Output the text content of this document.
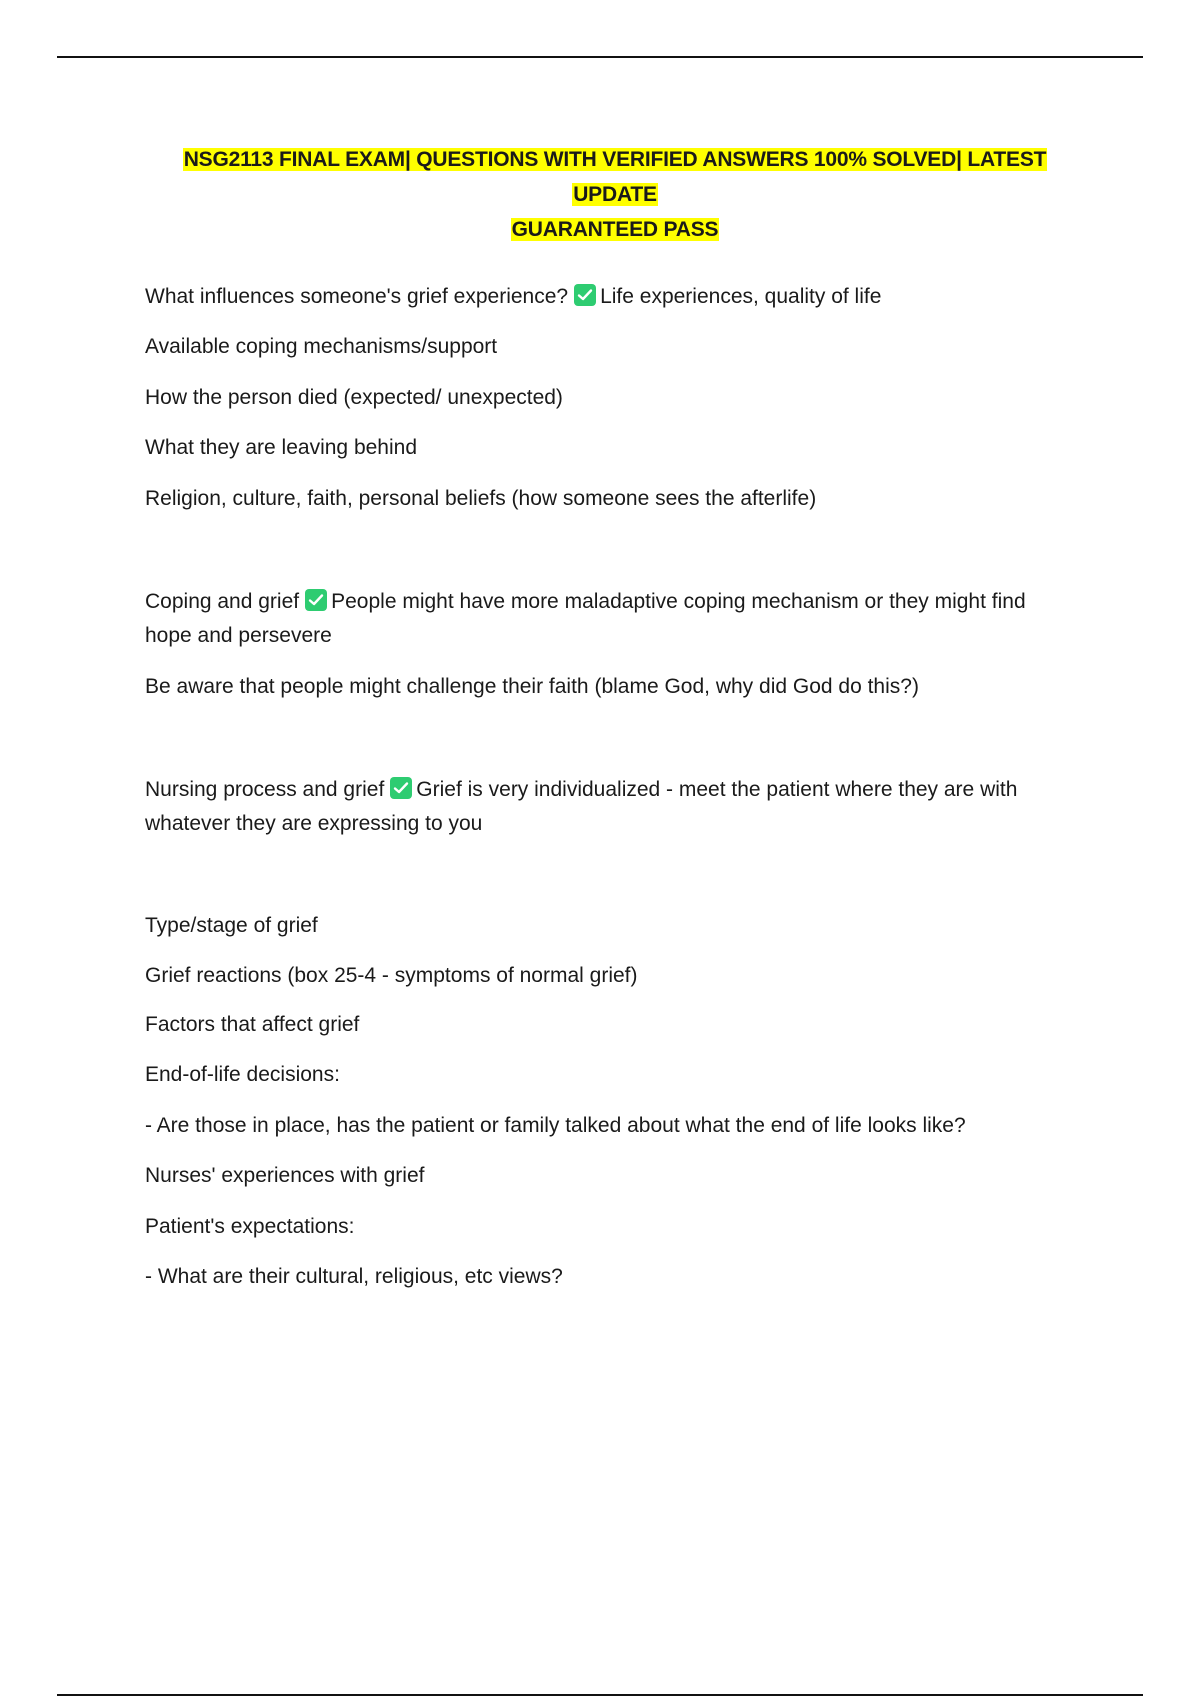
NSG2113 FINAL EXAM| QUESTIONS WITH VERIFIED ANSWERS 100% SOLVED| LATEST UPDATE
GUARANTEED PASS
What influences someone's grief experience? Life experiences, quality of life
Available coping mechanisms/support
How the person died (expected/ unexpected)
What they are leaving behind
Religion, culture, faith, personal beliefs (how someone sees the afterlife)
Coping and grief People might have more maladaptive coping mechanism or they might find
hope and persevere
Be aware that people might challenge their faith (blame God, why did God do this?)
Nursing process and grief Grief is very individualized - meet the patient where they are with
whatever they are expressing to you
Type/stage of grief
Grief reactions (box 25-4 - symptoms of normal grief)
Factors that affect grief
End-of-life decisions:
- Are those in place, has the patient or family talked about what the end of life looks like?
Nurses' experiences with grief
Patient's expectations:
- What are their cultural, religious, etc views?
